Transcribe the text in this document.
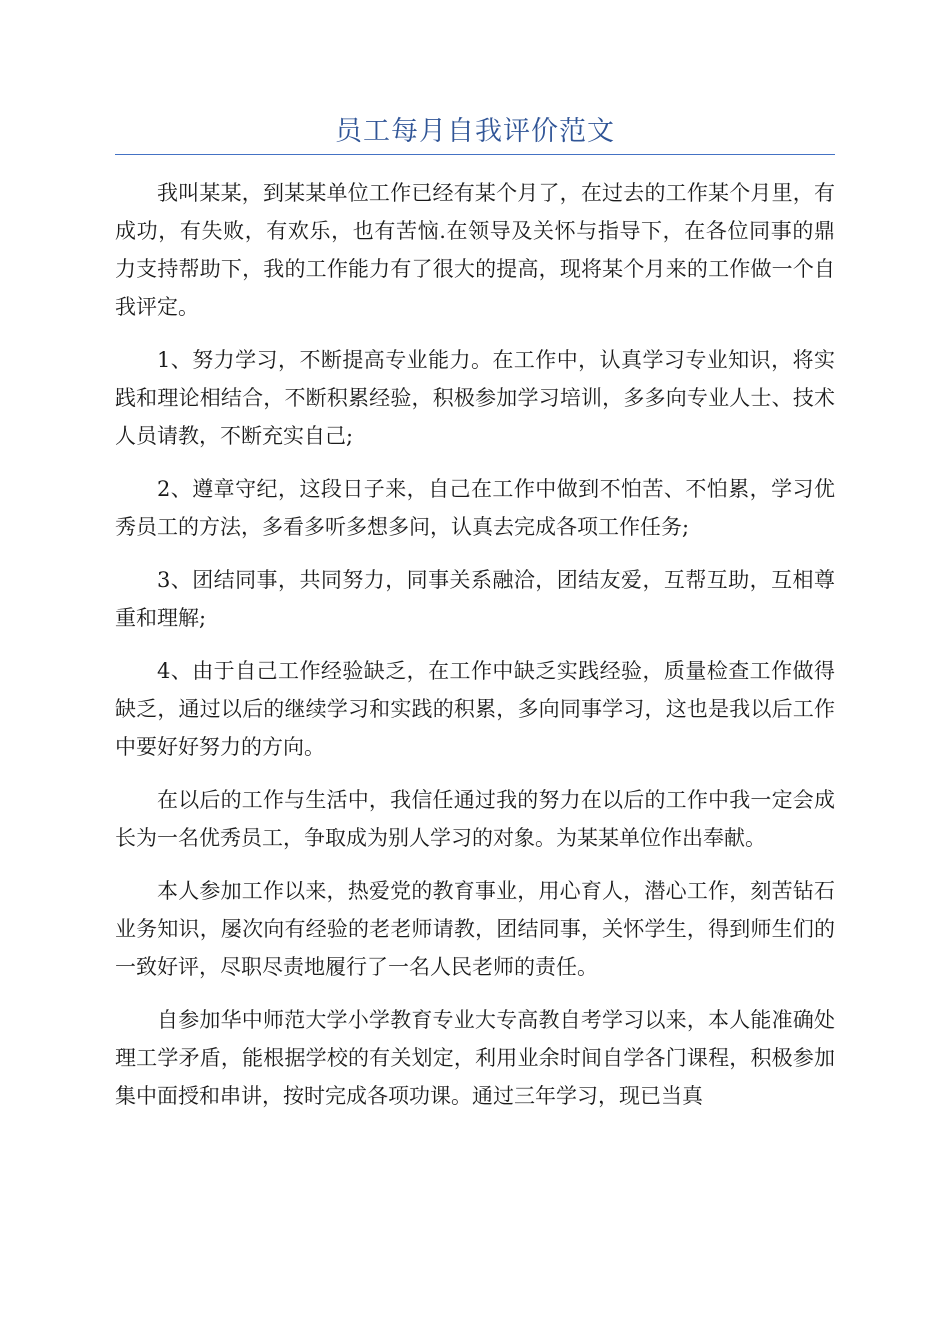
员工每月自我评价范文

我叫某某，到某某单位工作已经有某个月了，在过去的工作某个月里，有成功，有失败，有欢乐，也有苦恼.在领导及关怀与指导下，在各位同事的鼎力支持帮助下，我的工作能力有了很大的提高，现将某个月来的工作做一个自我评定。

1、努力学习，不断提高专业能力。在工作中，认真学习专业知识，将实践和理论相结合，不断积累经验，积极参加学习培训，多多向专业人士、技术人员请教，不断充实自己;

2、遵章守纪，这段日子来，自己在工作中做到不怕苦、不怕累，学习优秀员工的方法，多看多听多想多问，认真去完成各项工作任务;

3、团结同事，共同努力，同事关系融洽，团结友爱，互帮互助，互相尊重和理解;

4、由于自己工作经验缺乏，在工作中缺乏实践经验，质量检查工作做得缺乏，通过以后的继续学习和实践的积累，多向同事学习，这也是我以后工作中要好好努力的方向。

在以后的工作与生活中，我信任通过我的努力在以后的工作中我一定会成长为一名优秀员工，争取成为别人学习的对象。为某某单位作出奉献。

本人参加工作以来，热爱党的教育事业，用心育人，潜心工作，刻苦钻石业务知识，屡次向有经验的老老师请教，团结同事，关怀学生，得到师生们的一致好评，尽职尽责地履行了一名人民老师的责任。

自参加华中师范大学小学教育专业大专高教自考学习以来，本人能准确处理工学矛盾，能根据学校的有关划定，利用业余时间自学各门课程，积极参加集中面授和串讲，按时完成各项功课。通过三年学习，现已当真
